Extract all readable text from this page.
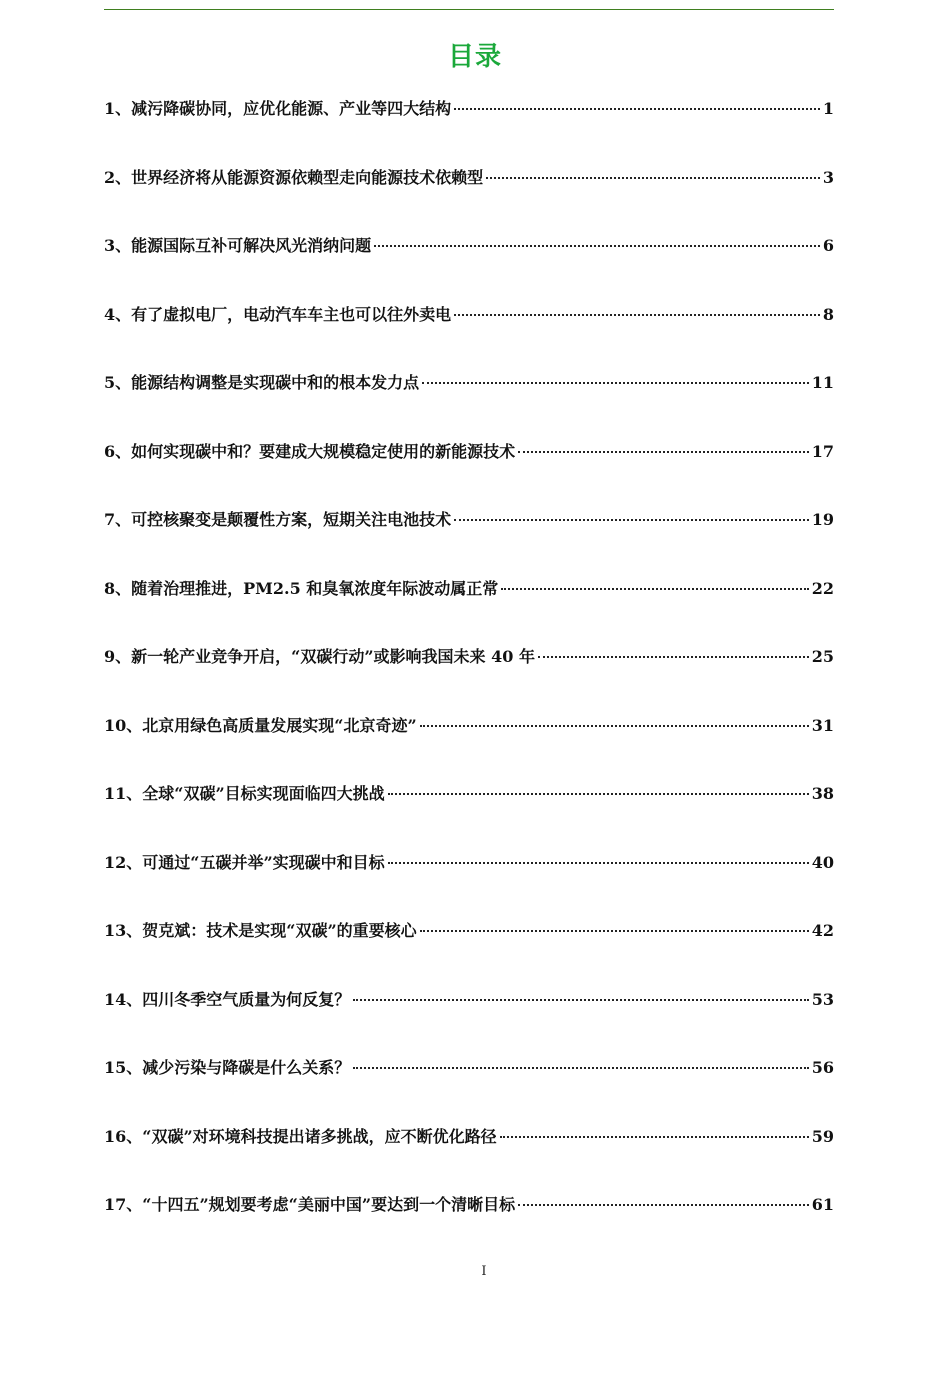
目录
1、减污降碳协同，应优化能源、产业等四大结构	1
2、世界经济将从能源资源依赖型走向能源技术依赖型	3
3、能源国际互补可解决风光消纳问题	6
4、有了虚拟电厂，电动汽车车主也可以往外卖电	8
5、能源结构调整是实现碳中和的根本发力点	11
6、如何实现碳中和？要建成大规模稳定使用的新能源技术	17
7、可控核聚变是颠覆性方案，短期关注电池技术	19
8、随着治理推进，PM2.5 和臭氧浓度年际波动属正常	22
9、新一轮产业竞争开启，“双碳行动”或影响我国未来 40 年	25
10、北京用绿色高质量发展实现“北京奇迹”	31
11、全球“双碳”目标实现面临四大挑战	38
12、可通过“五碳并举”实现碳中和目标	40
13、贺克斌：技术是实现“双碳”的重要核心	42
14、四川冬季空气质量为何反复？	53
15、减少污染与降碳是什么关系？	56
16、“双碳”对环境科技提出诸多挑战，应不断优化路径	59
17、“十四五”规划要考虑“美丽中国”要达到一个清晰目标	61
I
